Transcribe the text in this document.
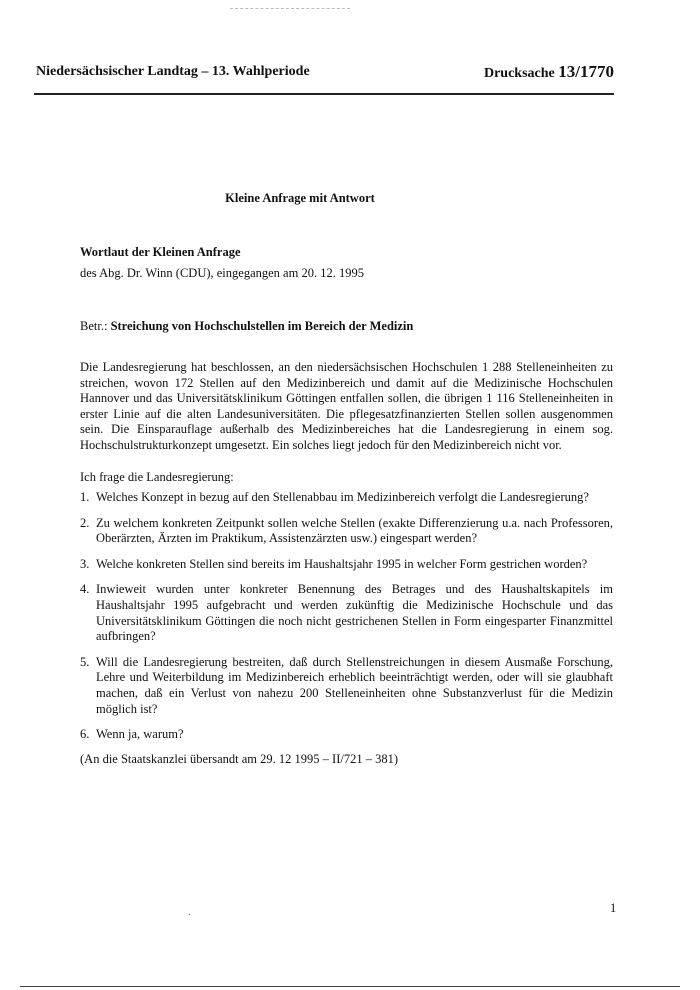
Niedersächsischer Landtag – 13. Wahlperiode	Drucksache 13/1770
Kleine Anfrage mit Antwort
Wortlaut der Kleinen Anfrage
des Abg. Dr. Winn (CDU), eingegangen am 20. 12. 1995
Betr.: Streichung von Hochschulstellen im Bereich der Medizin
Die Landesregierung hat beschlossen, an den niedersächsischen Hochschulen 1 288 Stelleneinheiten zu streichen, wovon 172 Stellen auf den Medizinbereich und damit auf die Medizinische Hochschulen Hannover und das Universitätsklinikum Göttingen entfallen sollen, die übrigen 1 116 Stelleneinheiten in erster Linie auf die alten Landesuniversitäten. Die pflegesatzfinanzierten Stellen sollen ausgenommen sein. Die Einsparauflage außerhalb des Medizinbereiches hat die Landesregierung in einem sog. Hochschulstrukturkonzept umgesetzt. Ein solches liegt jedoch für den Medizinbereich nicht vor.
Ich frage die Landesregierung:
1. Welches Konzept in bezug auf den Stellenabbau im Medizinbereich verfolgt die Landesregierung?
2. Zu welchem konkreten Zeitpunkt sollen welche Stellen (exakte Differenzierung u.a. nach Professoren, Oberärzten, Ärzten im Praktikum, Assistenzärzten usw.) eingespart werden?
3. Welche konkreten Stellen sind bereits im Haushaltsjahr 1995 in welcher Form gestrichen worden?
4. Inwieweit wurden unter konkreter Benennung des Betrages und des Haushaltskapitels im Haushaltsjahr 1995 aufgebracht und werden zukünftig die Medizinische Hochschule und das Universitätsklinikum Göttingen die noch nicht gestrichenen Stellen in Form eingesparter Finanzmittel aufbringen?
5. Will die Landesregierung bestreiten, daß durch Stellenstreichungen in diesem Ausmaße Forschung, Lehre und Weiterbildung im Medizinbereich erheblich beeinträchtigt werden, oder will sie glaubhaft machen, daß ein Verlust von nahezu 200 Stelleneinheiten ohne Substanzverlust für die Medizin möglich ist?
6. Wenn ja, warum?
(An die Staatskanzlei übersandt am 29. 12 1995 – II/721 – 381)
·
1
